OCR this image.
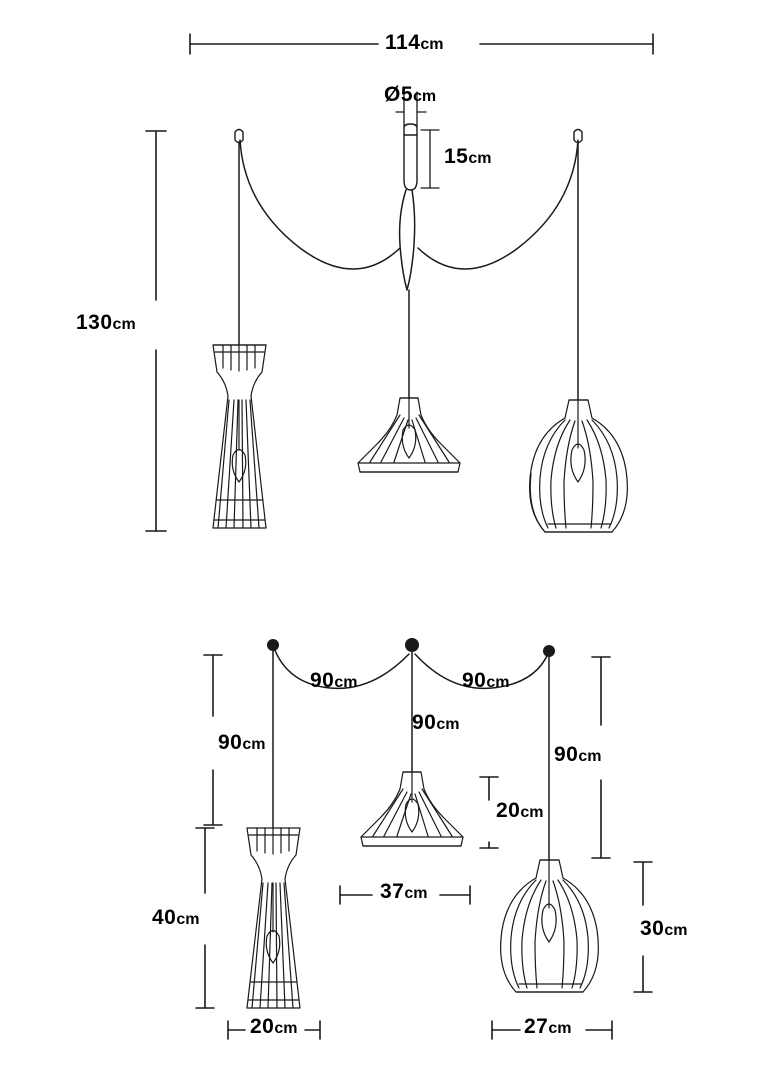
114cm
Ø5cm
15cm
130cm
90cm	90cm
90cm
90cm
90cm
20cm
37cm
40cm
20cm
30cm
27cm
